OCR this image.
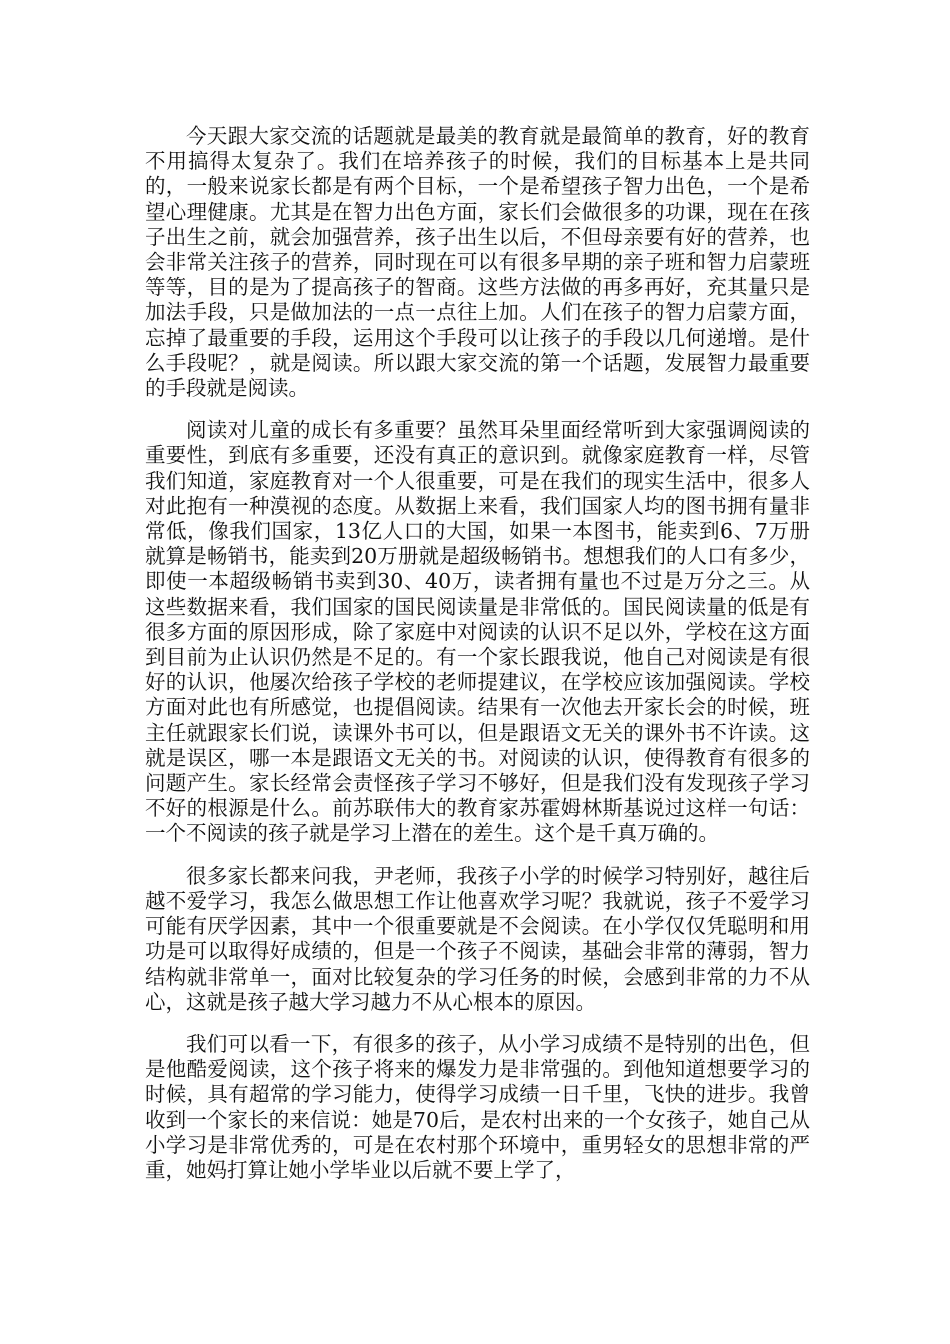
今天跟大家交流的话题就是最美的教育就是最简单的教育，好的教育不用搞得太复杂了。我们在培养孩子的时候，我们的目标基本上是共同的，一般来说家长都是有两个目标，一个是希望孩子智力出色，一个是希望心理健康。尤其是在智力出色方面，家长们会做很多的功课，现在在孩子出生之前，就会加强营养，孩子出生以后，不但母亲要有好的营养，也会非常关注孩子的营养，同时现在可以有很多早期的亲子班和智力启蒙班等等，目的是为了提高孩子的智商。这些方法做的再多再好，充其量只是加法手段，只是做加法的一点一点往上加。人们在孩子的智力启蒙方面，忘掉了最重要的手段，运用这个手段可以让孩子的手段以几何递增。是什么手段呢？，就是阅读。所以跟大家交流的第一个话题，发展智力最重要的手段就是阅读。

阅读对儿童的成长有多重要？虽然耳朵里面经常听到大家强调阅读的重要性，到底有多重要，还没有真正的意识到。就像家庭教育一样，尽管我们知道，家庭教育对一个人很重要，可是在我们的现实生活中，很多人对此抱有一种漠视的态度。从数据上来看，我们国家人均的图书拥有量非常低，像我们国家，13亿人口的大国，如果一本图书，能卖到6、7万册就算是畅销书，能卖到20万册就是超级畅销书。想想我们的人口有多少，即使一本超级畅销书卖到30、40万，读者拥有量也不过是万分之三。从这些数据来看，我们国家的国民阅读量是非常低的。国民阅读量的低是有很多方面的原因形成，除了家庭中对阅读的认识不足以外，学校在这方面到目前为止认识仍然是不足的。有一个家长跟我说，他自己对阅读是有很好的认识，他屡次给孩子学校的老师提建议，在学校应该加强阅读。学校方面对此也有所感觉，也提倡阅读。结果有一次他去开家长会的时候，班主任就跟家长们说，读课外书可以，但是跟语文无关的课外书不许读。这就是误区，哪一本是跟语文无关的书。对阅读的认识，使得教育有很多的问题产生。家长经常会责怪孩子学习不够好，但是我们没有发现孩子学习不好的根源是什么。前苏联伟大的教育家苏霍姆林斯基说过这样一句话：一个不阅读的孩子就是学习上潜在的差生。这个是千真万确的。

很多家长都来问我，尹老师，我孩子小学的时候学习特别好，越往后越不爱学习，我怎么做思想工作让他喜欢学习呢？我就说，孩子不爱学习可能有厌学因素，其中一个很重要就是不会阅读。在小学仅仅凭聪明和用功是可以取得好成绩的，但是一个孩子不阅读，基础会非常的薄弱，智力结构就非常单一，面对比较复杂的学习任务的时候，会感到非常的力不从心，这就是孩子越大学习越力不从心根本的原因。

我们可以看一下，有很多的孩子，从小学习成绩不是特别的出色，但是他酷爱阅读，这个孩子将来的爆发力是非常强的。到他知道想要学习的时候，具有超常的学习能力，使得学习成绩一日千里，飞快的进步。我曾收到一个家长的来信说：她是70后，是农村出来的一个女孩子，她自己从小学习是非常优秀的，可是在农村那个环境中，重男轻女的思想非常的严重，她妈打算让她小学毕业以后就不要上学了，
